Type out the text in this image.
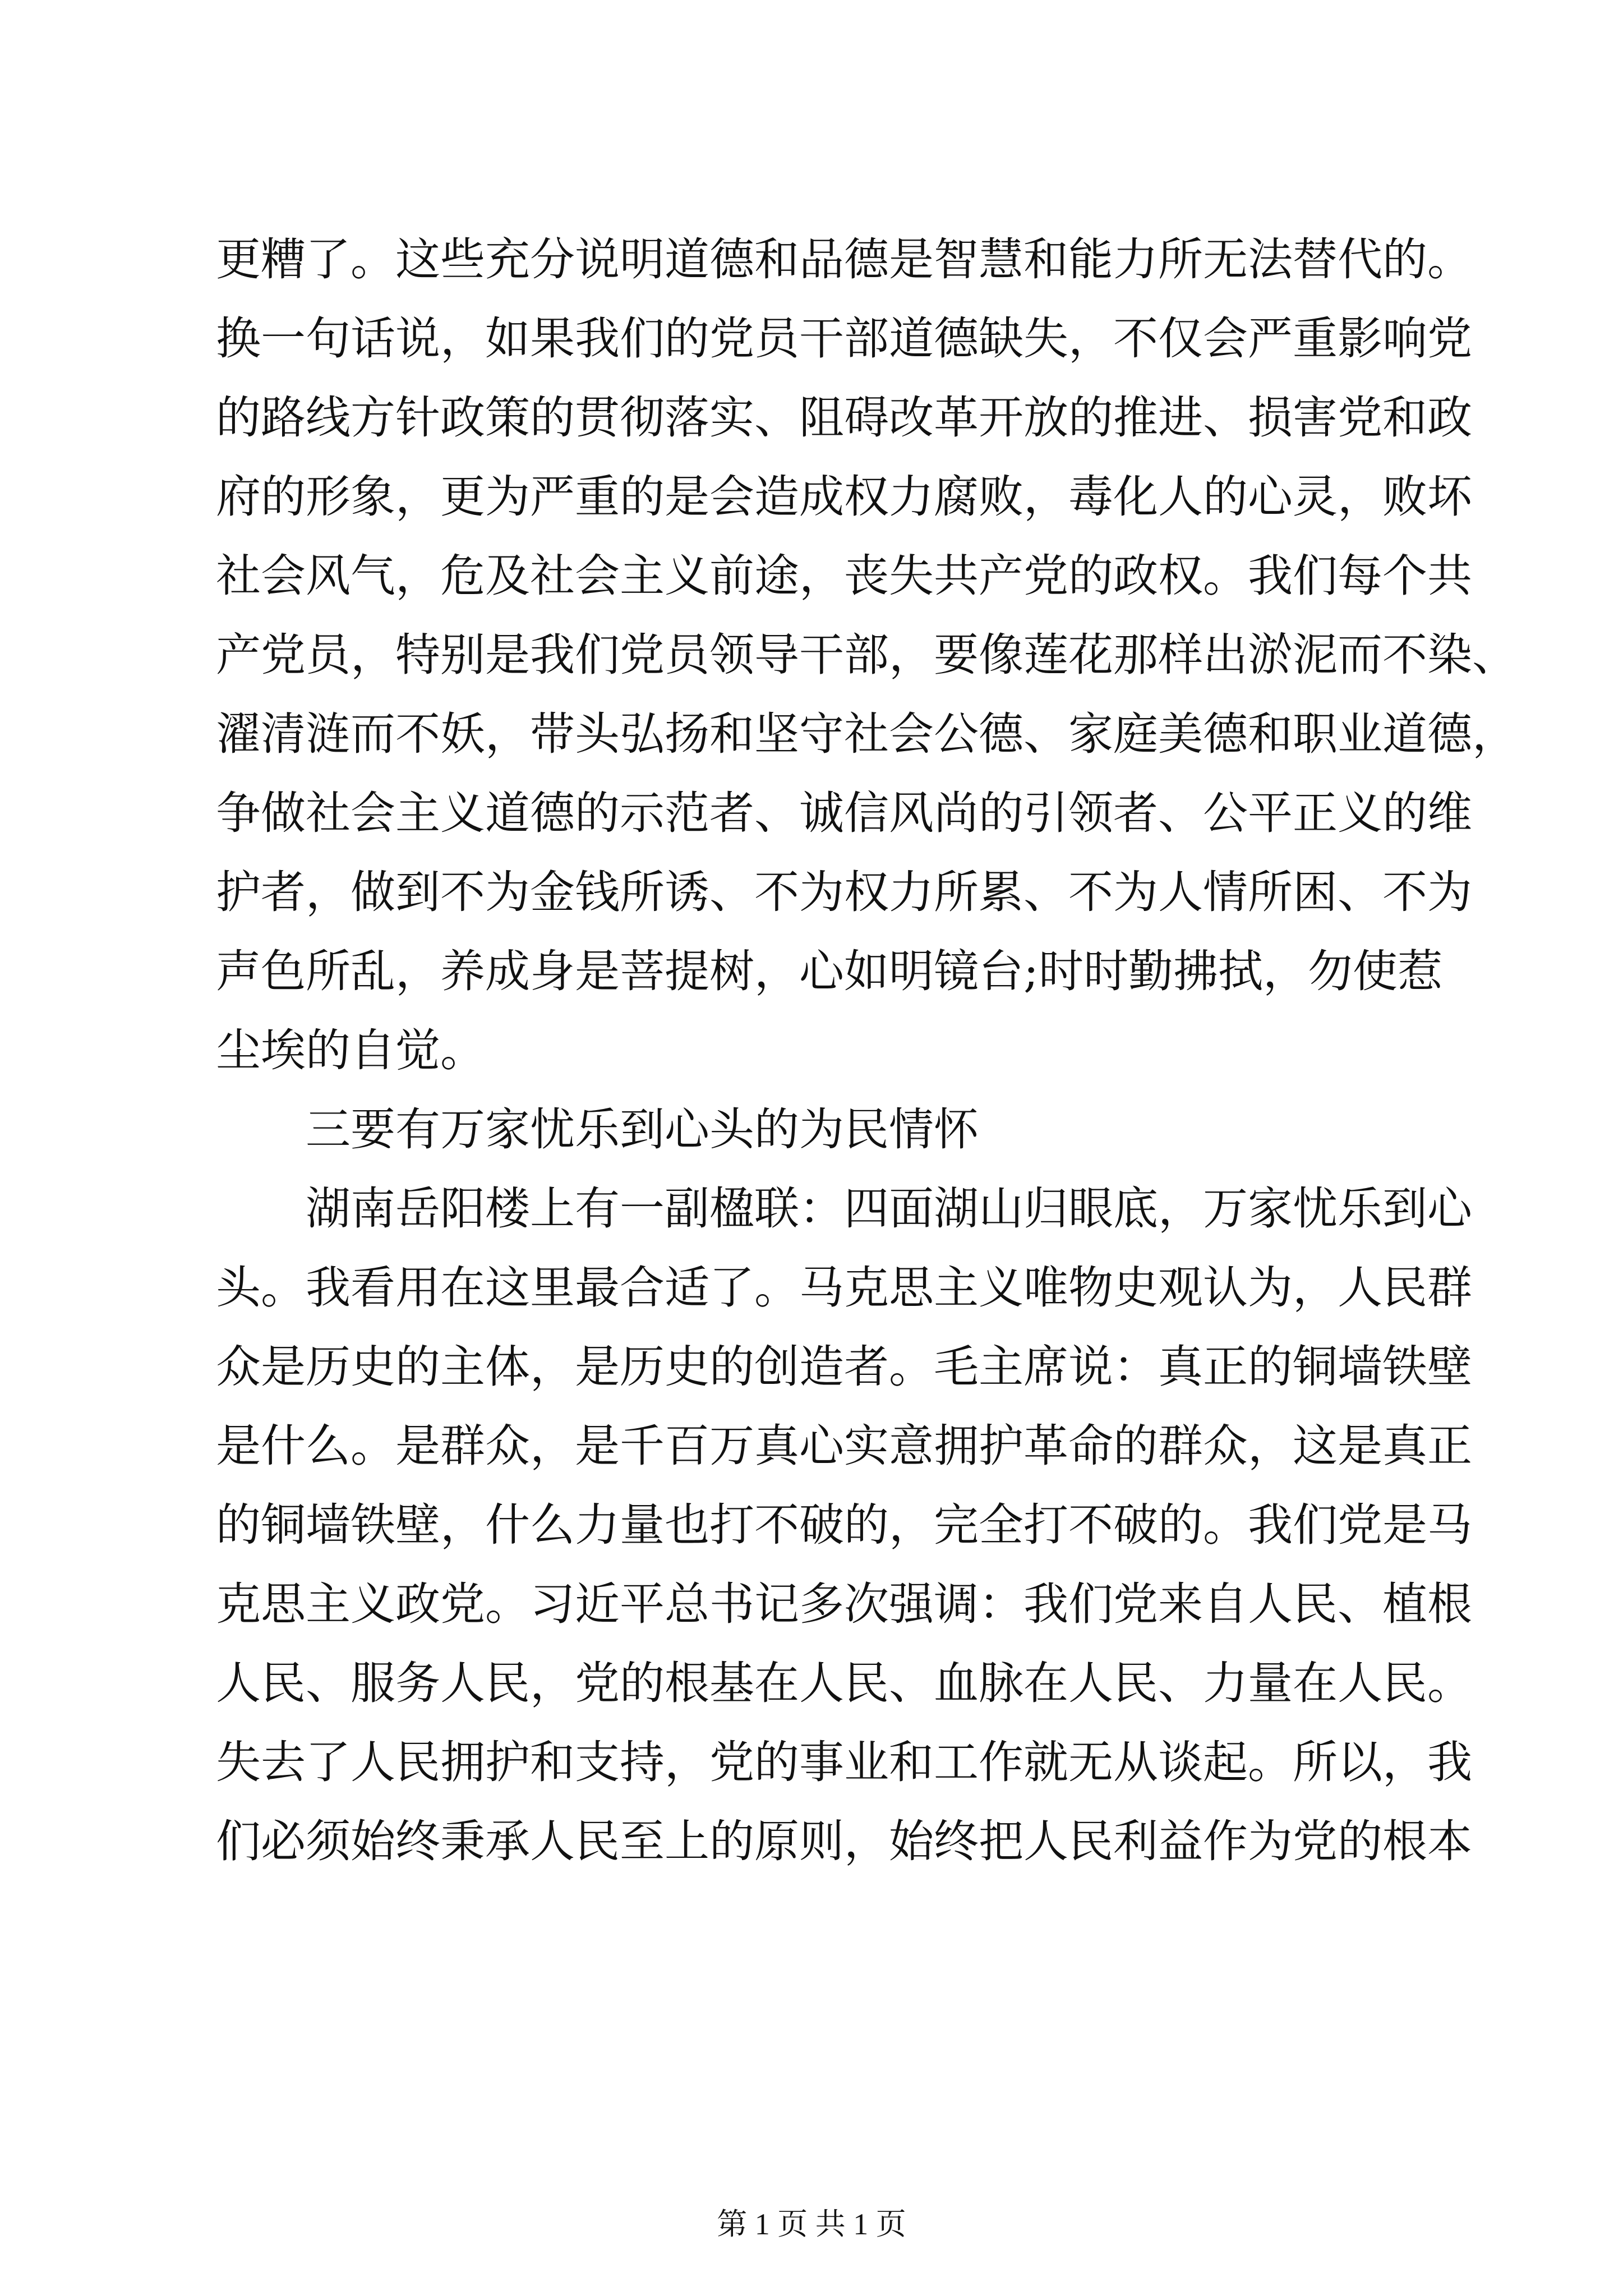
更糟了。这些充分说明道德和品德是智慧和能力所无法替代的。
换一句话说，如果我们的党员干部道德缺失，不仅会严重影响党
的路线方针政策的贯彻落实、阻碍改革开放的推进、损害党和政
府的形象，更为严重的是会造成权力腐败，毒化人的心灵，败坏
社会风气，危及社会主义前途，丧失共产党的政权。我们每个共
产党员，特别是我们党员领导干部，要像莲花那样出淤泥而不染、
濯清涟而不妖，带头弘扬和坚守社会公德、家庭美德和职业道德，
争做社会主义道德的示范者、诚信风尚的引领者、公平正义的维
护者，做到不为金钱所诱、不为权力所累、不为人情所困、不为
声色所乱，养成身是菩提树，心如明镜台;时时勤拂拭，勿使惹
尘埃的自觉。
三要有万家忧乐到心头的为民情怀
湖南岳阳楼上有一副楹联：四面湖山归眼底，万家忧乐到心
头。我看用在这里最合适了。马克思主义唯物史观认为，人民群
众是历史的主体，是历史的创造者。毛主席说：真正的铜墙铁壁
是什么。是群众，是千百万真心实意拥护革命的群众，这是真正
的铜墙铁壁，什么力量也打不破的，完全打不破的。我们党是马
克思主义政党。习近平总书记多次强调：我们党来自人民、植根
人民、服务人民，党的根基在人民、血脉在人民、力量在人民。
失去了人民拥护和支持，党的事业和工作就无从谈起。所以，我
们必须始终秉承人民至上的原则，始终把人民利益作为党的根本
第 1 页 共 1 页
